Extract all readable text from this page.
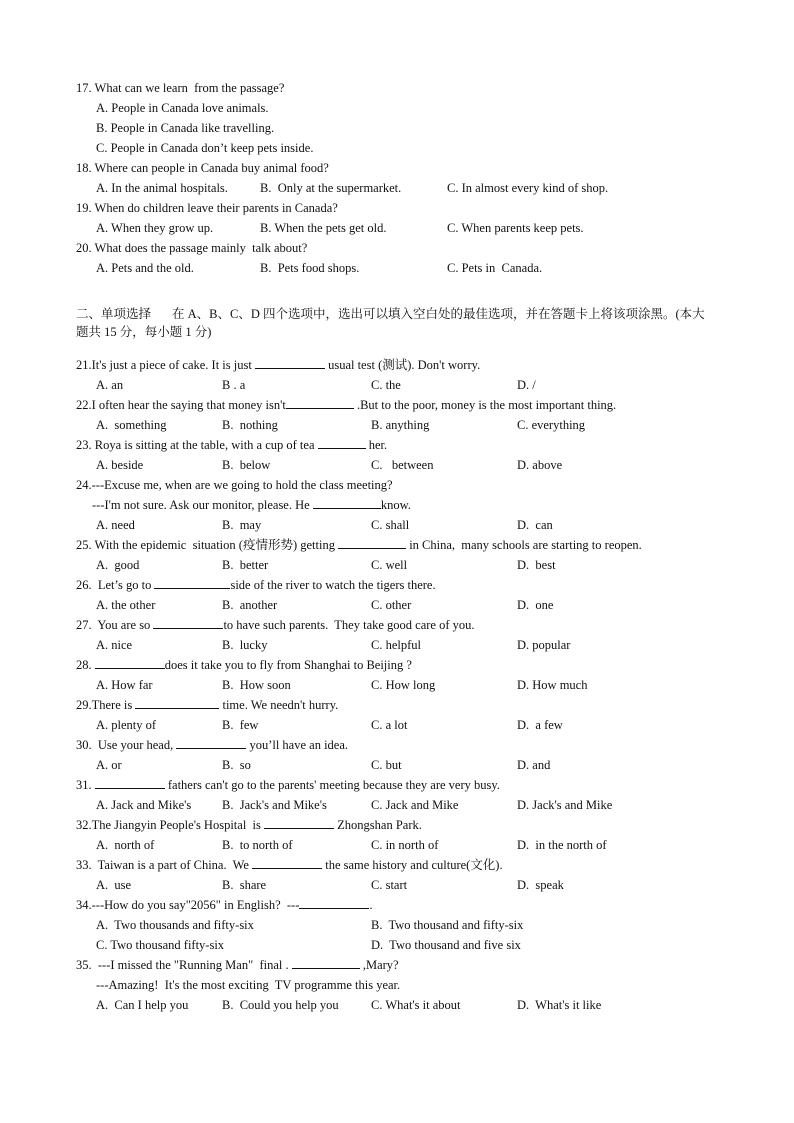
17. What can we learn  from the passage?
A. People in Canada love animals.
B. People in Canada like travelling.
C. People in Canada don’t keep pets inside.
18. Where can people in Canada buy animal food?
A. In the animal hospitals.	B.  Only at the supermarket.	C. In almost every kind of shop.
19. When do children leave their parents in Canada?
A. When they grow up.	B. When the pets get old.	C. When parents keep pets.
20. What does the passage mainly  talk about?
A. Pets and the old.	B.  Pets food shops.	C. Pets in  Canada.
二、单项选择 在 A、B、C、D 四个选项中，选出可以填入空白处的最佳选项，并在答题卡上将该项涂黑。(本大题共 15 分，每小题 1 分)
21.It's just a piece of cake. It is just	usual test (测试). Don't worry.
A. an	B . a	C. the	D. /
22.I often hear the saying that money isn't	.But to the poor, money is the most important thing.
A.  something	B.  nothing	B. anything	C. everything
23. Roya is sitting at the table, with a cup of tea	her.
A. beside	B.  below	C.   between	D. above
24.---Excuse me, when are we going to hold the class meeting?
---I'm not sure. Ask our monitor, please. He	know.
A. need	B.  may	C. shall	D.  can
25. With the epidemic  situation (疫情形势) getting	in China,  many schools are starting to reopen.
A.  good	B.  better	C. well	D.  best
26.  Let’s go to	side of the river to watch the tigers there.
A. the other	B.  another	C. other	D.  one
27.  You are so	to have such parents.  They take good care of you.
A. nice	B.  lucky	C. helpful	D. popular
28.	does it take you to fly from Shanghai to Beijing ?
A. How far	B.  How soon	C. How long	D. How much
29.There is	time. We needn't hurry.
A. plenty of	B.  few	C. a lot	D.  a few
30.  Use your head,	you’ll have an idea.
A. or	B.  so	C. but	D. and
31.	fathers can't go to the parents' meeting because they are very busy.
A. Jack and Mike's B.  Jack's and Mike's	C. Jack and Mike	D. Jack's and Mike
32.The Jiangyin People's Hospital  is	Zhongshan Park.
A.  north of	B.  to north of	C. in north of	D.  in the north of
33.  Taiwan is a part of China.  We	the same history and culture(文化).
A.  use	B.  share	C. start	D.  speak
34.---How do you say"2056" in English?  ---	.
A.  Two thousands and fifty-six	B.  Two thousand and fifty-six
C. Two thousand fifty-six	D.  Two thousand and five six
35.  ---I missed the "Running Man"  final .	,Mary?
---Amazing!  It's the most exciting  TV programme this year.
A.  Can I help you	B.  Could you help you	C. What's it about	D.  What's it like
